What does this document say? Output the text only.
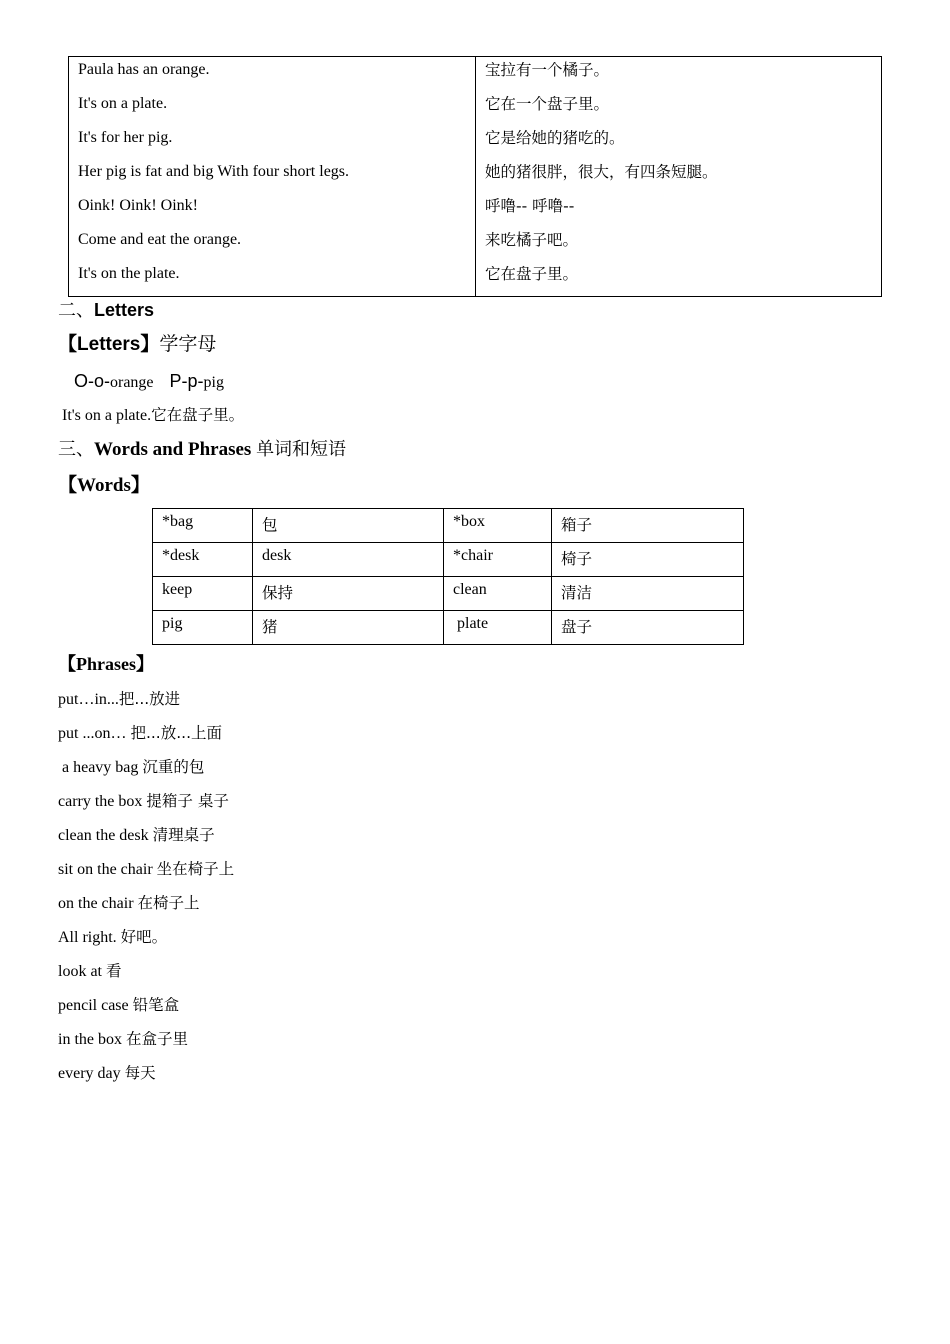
Paula has an orange.	宝拉有一个橘子。
It's on a plate.	它在一个盘子里。
It's for her pig.	它是给她的猪吃的。
Her pig is fat and big With four short legs.	她的猪很胖，很大，有四条短腿。
Oink! Oink! Oink!	呼噜-- 呼噜--
Come and eat the orange.	来吃橘子吧。
It's on the plate.	它在盘子里。
二、Letters
【Letters】学字母
O-o-orange P-p-pig
It's on a plate.它在盘子里。
三、Words and Phrases 单词和短语
【Words】
*bag	包	*box	箱子
*desk	desk	*chair	椅子
keep	保持	clean	清洁
pig	猪	plate	盘子
【Phrases】
put…in...把...放进
put ...on… 把...放...上面
a heavy bag 沉重的包
carry the box 提箱子 桌子
clean the desk 清理桌子
sit on the chair 坐在椅子上
on the chair 在椅子上
All right. 好吧。
look at 看
pencil case 铅笔盒
in the box 在盒子里
every day 每天
